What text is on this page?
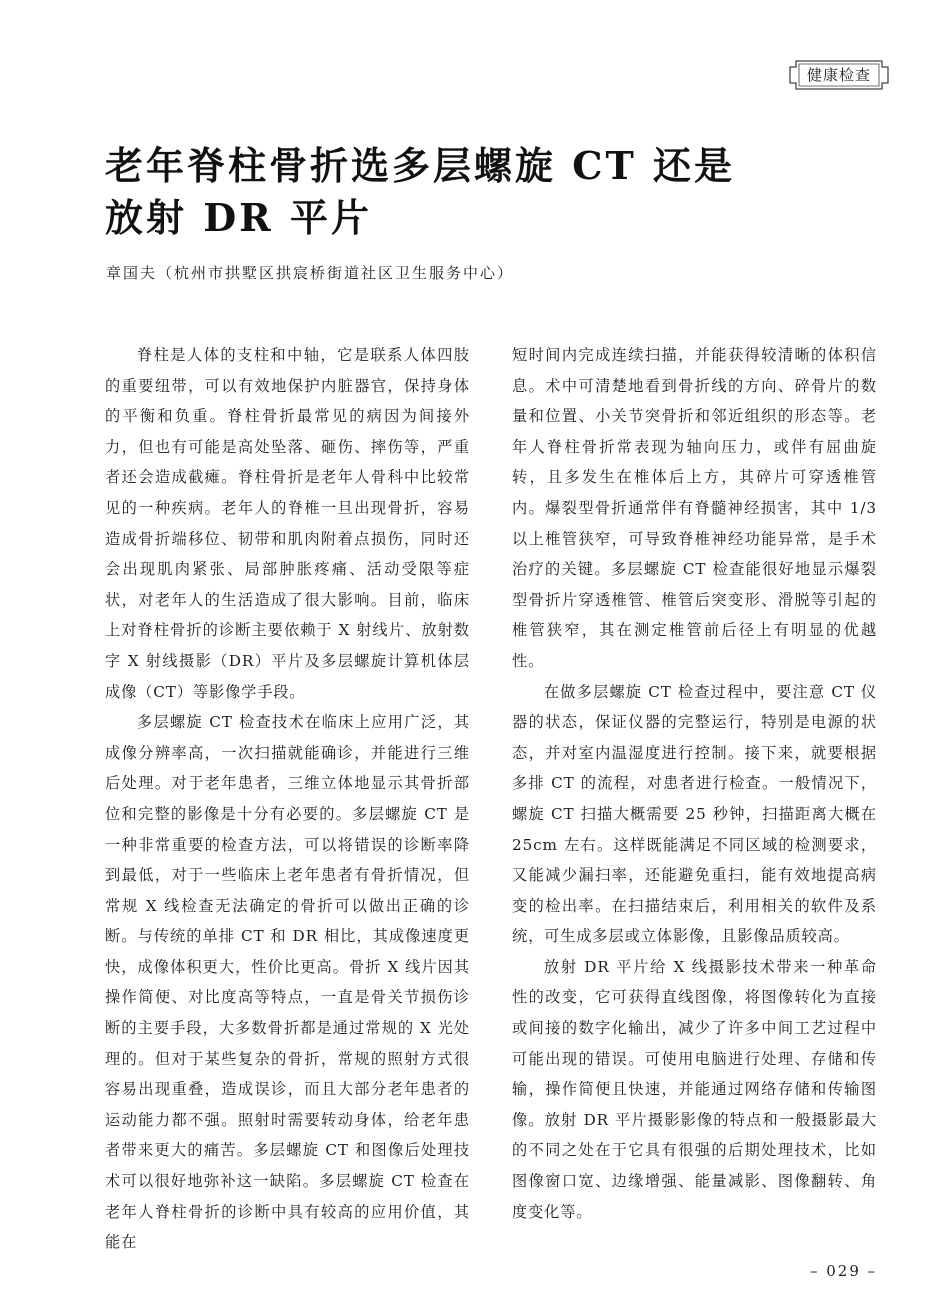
健康检查
老年脊柱骨折选多层螺旋 CT 还是
放射 DR 平片
章国夫（杭州市拱墅区拱宸桥街道社区卫生服务中心）

脊柱是人体的支柱和中轴，它是联系人体四肢的重要纽带，可以有效地保护内脏器官，保持身体的平衡和负重。脊柱骨折最常见的病因为间接外力，但也有可能是高处坠落、砸伤、摔伤等，严重者还会造成截瘫。脊柱骨折是老年人骨科中比较常见的一种疾病。老年人的脊椎一旦出现骨折，容易造成骨折端移位、韧带和肌肉附着点损伤，同时还会出现肌肉紧张、局部肿胀疼痛、活动受限等症状，对老年人的生活造成了很大影响。目前，临床上对脊柱骨折的诊断主要依赖于 X 射线片、放射数字 X 射线摄影（DR）平片及多层螺旋计算机体层成像（CT）等影像学手段。

多层螺旋 CT 检查技术在临床上应用广泛，其成像分辨率高，一次扫描就能确诊，并能进行三维后处理。对于老年患者，三维立体地显示其骨折部位和完整的影像是十分有必要的。多层螺旋 CT 是一种非常重要的检查方法，可以将错误的诊断率降到最低，对于一些临床上老年患者有骨折情况，但常规 X 线检查无法确定的骨折可以做出正确的诊断。与传统的单排 CT 和 DR 相比，其成像速度更快，成像体积更大，性价比更高。骨折 X 线片因其操作简便、对比度高等特点，一直是骨关节损伤诊断的主要手段，大多数骨折都是通过常规的 X 光处理的。但对于某些复杂的骨折，常规的照射方式很容易出现重叠，造成误诊，而且大部分老年患者的运动能力都不强。照射时需要转动身体，给老年患者带来更大的痛苦。多层螺旋 CT 和图像后处理技术可以很好地弥补这一缺陷。多层螺旋 CT 检查在老年人脊柱骨折的诊断中具有较高的应用价值，其能在

短时间内完成连续扫描，并能获得较清晰的体积信息。术中可清楚地看到骨折线的方向、碎骨片的数量和位置、小关节突骨折和邻近组织的形态等。老年人脊柱骨折常表现为轴向压力，或伴有屈曲旋转，且多发生在椎体后上方，其碎片可穿透椎管内。爆裂型骨折通常伴有脊髓神经损害，其中 1/3 以上椎管狭窄，可导致脊椎神经功能异常，是手术治疗的关键。多层螺旋 CT 检查能很好地显示爆裂型骨折片穿透椎管、椎管后突变形、滑脱等引起的椎管狭窄，其在测定椎管前后径上有明显的优越性。

在做多层螺旋 CT 检查过程中，要注意 CT 仪器的状态，保证仪器的完整运行，特别是电源的状态，并对室内温湿度进行控制。接下来，就要根据多排 CT 的流程，对患者进行检查。一般情况下，螺旋 CT 扫描大概需要 25 秒钟，扫描距离大概在 25cm 左右。这样既能满足不同区域的检测要求，又能减少漏扫率，还能避免重扫，能有效地提高病变的检出率。在扫描结束后，利用相关的软件及系统，可生成多层或立体影像，且影像品质较高。

放射 DR 平片给 X 线摄影技术带来一种革命性的改变，它可获得直线图像，将图像转化为直接或间接的数字化输出，减少了许多中间工艺过程中可能出现的错误。可使用电脑进行处理、存储和传输，操作简便且快速，并能通过网络存储和传输图像。放射 DR 平片摄影影像的特点和一般摄影最大的不同之处在于它具有很强的后期处理技术，比如图像窗口宽、边缘增强、能量减影、图像翻转、角度变化等。

– 029 –
